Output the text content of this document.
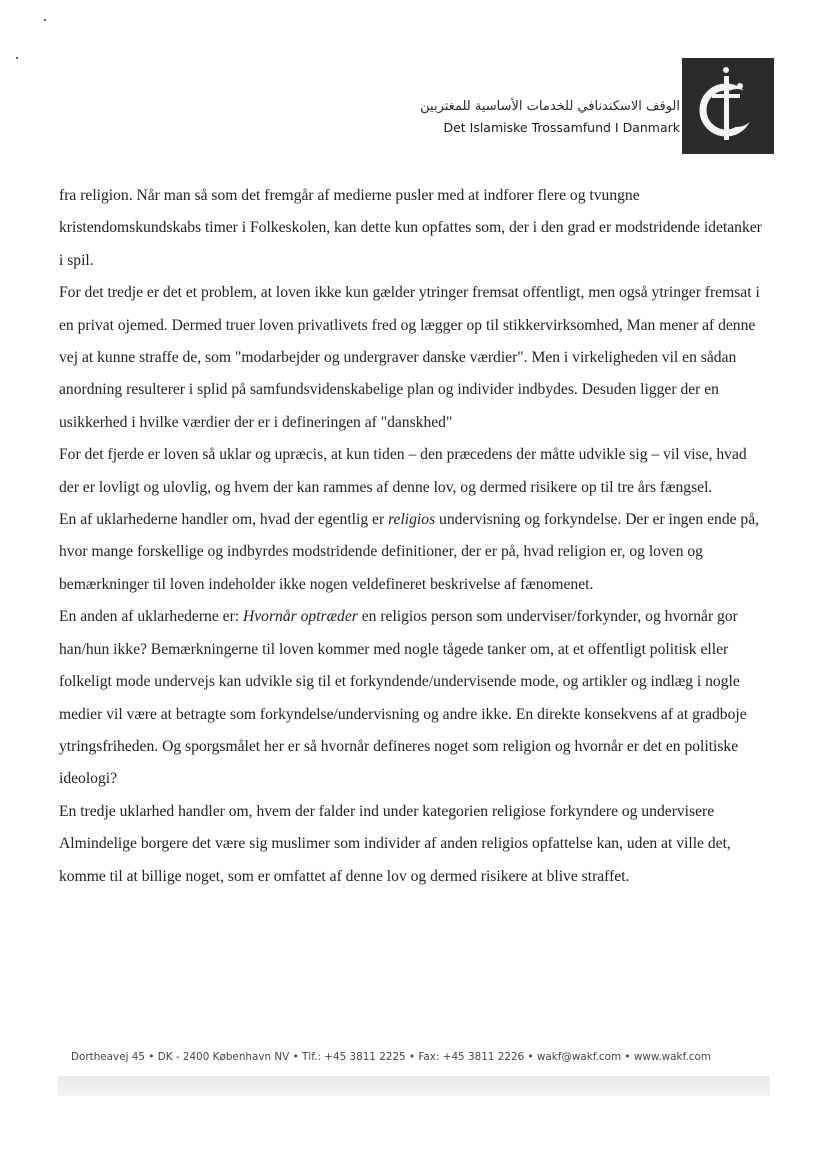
الوقف الاسكندنافي للخدمات الأساسية للمغتربين
Det Islamiske Trossamfund I Danmark

fra religion. Når man så som det fremgår af medierne pusler med at indforer flere og tvungne kristendomskundskabs timer i Folkeskolen, kan dette kun opfattes som, der i den grad er modstridende idetanker i spil.

For det tredje er det et problem, at loven ikke kun gælder ytringer fremsat offentligt, men også ytringer fremsat i en privat ojemed. Dermed truer loven privatlivets fred og lægger op til stikkervirksomhed, Man mener af denne vej at kunne straffe de, som "modarbejder og undergraver danske værdier". Men i virkeligheden vil en sådan anordning resulterer i splid på samfundsvidenskabelige plan og individer indbydes. Desuden ligger der en usikkerhed i hvilke værdier der er i defineringen af "danskhed"

For det fjerde er loven så uklar og upræcis, at kun tiden – den præcedens der måtte udvikle sig – vil vise, hvad der er lovligt og ulovlig, og hvem der kan rammes af denne lov, og dermed risikere op til tre års fængsel.

En af uklarhederne handler om, hvad der egentlig er religios undervisning og forkyndelse. Der er ingen ende på, hvor mange forskellige og indbyrdes modstridende definitioner, der er på, hvad religion er, og loven og bemærkninger til loven indeholder ikke nogen veldefineret beskrivelse af fænomenet.

En anden af uklarhederne er: Hvornår optræder en religios person som underviser/forkynder, og hvornår gor han/hun ikke? Bemærkningerne til loven kommer med nogle tågede tanker om, at et offentligt politisk eller folkeligt mode undervejs kan udvikle sig til et forkyndende/undervisende mode, og artikler og indlæg i nogle medier vil være at betragte som forkyndelse/undervisning og andre ikke. En direkte konsekvens af at gradboje ytringsfriheden. Og sporgsmålet her er så hvornår defineres noget som religion og hvornår er det en politiske ideologi?

En tredje uklarhed handler om, hvem der falder ind under kategorien religiose forkyndere og undervisere Almindelige borgere det være sig muslimer som individer af anden religios opfattelse kan, uden at ville det, komme til at billige noget, som er omfattet af denne lov og dermed risikere at blive straffet.

Dortheavej 45 • DK - 2400 København NV • Tlf.: +45 3811 2225 • Fax: +45 3811 2226 • wakf@wakf.com • www.wakf.com
